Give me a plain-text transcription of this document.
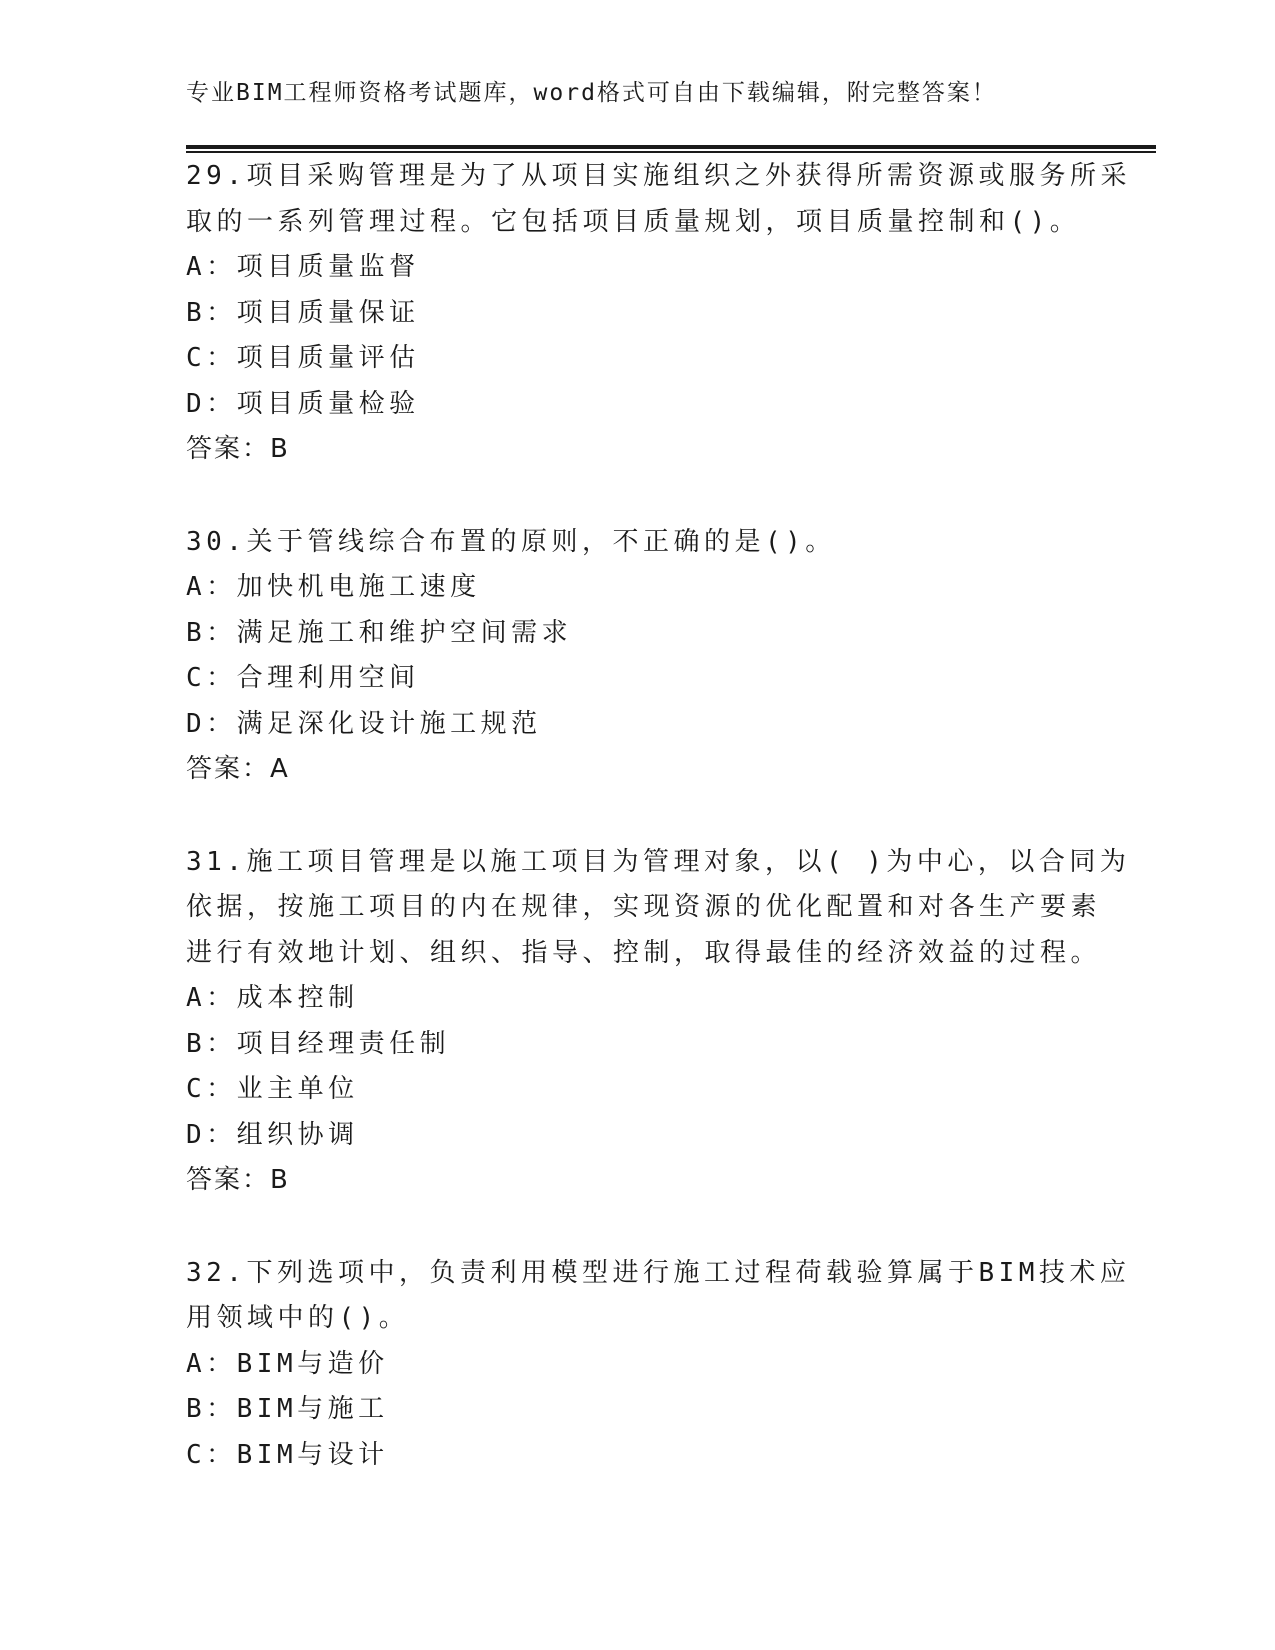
专业BIM工程师资格考试题库，word格式可自由下载编辑，附完整答案！
29.项目采购管理是为了从项目实施组织之外获得所需资源或服务所采
取的一系列管理过程。它包括项目质量规划，项目质量控制和()。
A：项目质量监督
B：项目质量保证
C：项目质量评估
D：项目质量检验
答案：B
30.关于管线综合布置的原则，不正确的是()。
A：加快机电施工速度
B：满足施工和维护空间需求
C：合理利用空间
D：满足深化设计施工规范
答案：A
31.施工项目管理是以施工项目为管理对象，以( )为中心，以合同为
依据，按施工项目的内在规律，实现资源的优化配置和对各生产要素
进行有效地计划、组织、指导、控制，取得最佳的经济效益的过程。
A：成本控制
B：项目经理责任制
C：业主单位
D：组织协调
答案：B
32.下列选项中，负责利用模型进行施工过程荷载验算属于BIM技术应
用领域中的()。
A：BIM与造价
B：BIM与施工
C：BIM与设计
